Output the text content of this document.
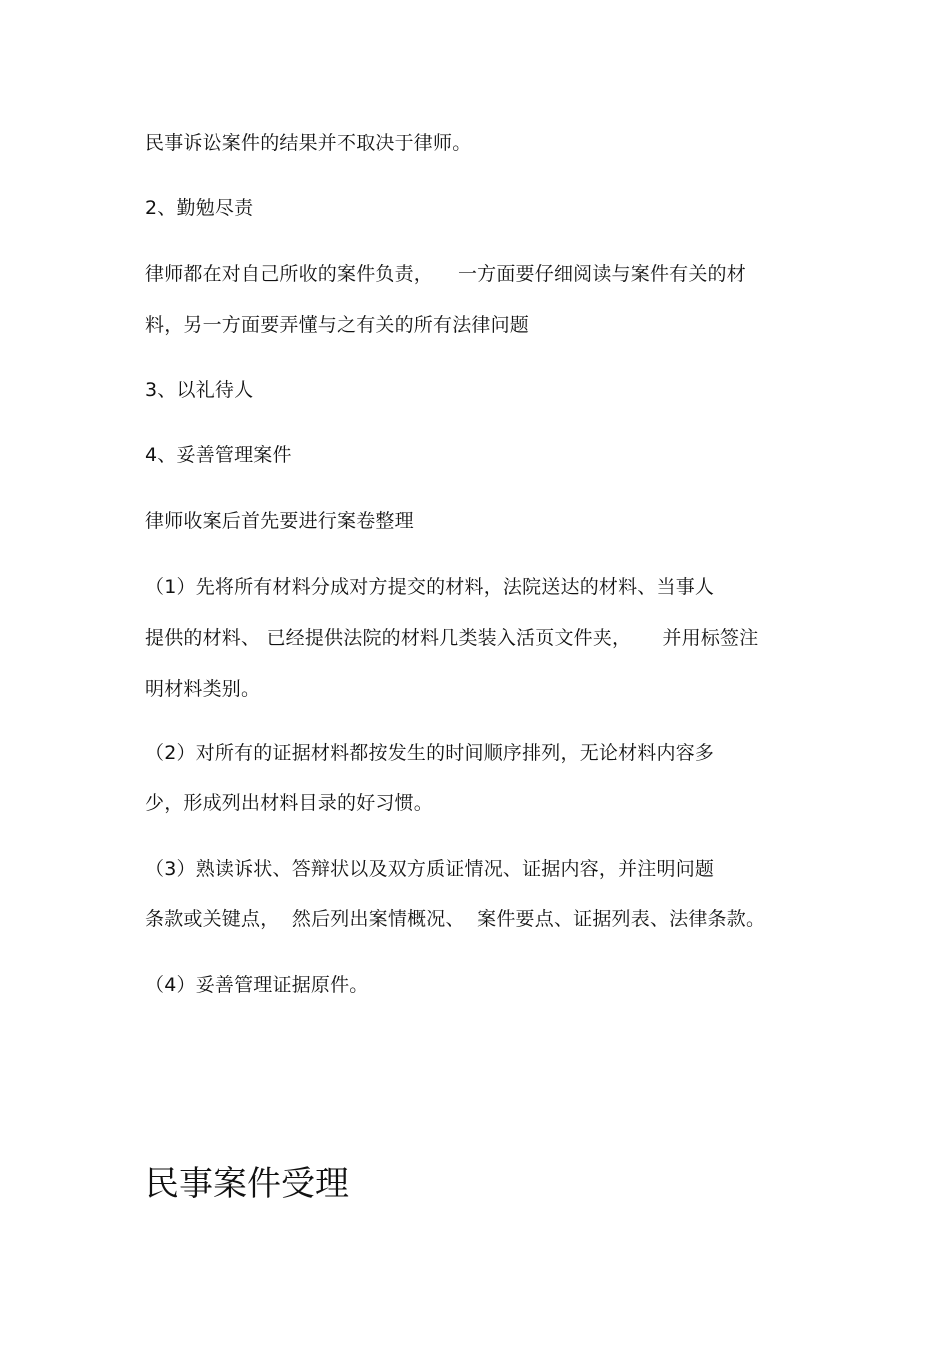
民事诉讼案件的结果并不取决于律师。
2、勤勉尽责
律师都在对自己所收的案件负责，    一方面要仔细阅读与案件有关的材
料，另一方面要弄懂与之有关的所有法律问题
3、以礼待人
4、妥善管理案件
律师收案后首先要进行案卷整理
（1）先将所有材料分成对方提交的材料，法院送达的材料、当事人
提供的材料、 已经提供法院的材料几类装入活页文件夹，     并用标签注
明材料类别。
（2）对所有的证据材料都按发生的时间顺序排列，无论材料内容多
少，形成列出材料目录的好习惯。
（3）熟读诉状、答辩状以及双方质证情况、证据内容，并注明问题
条款或关键点，  然后列出案情概况、  案件要点、证据列表、法律条款。
（4）妥善管理证据原件。
民事案件受理
